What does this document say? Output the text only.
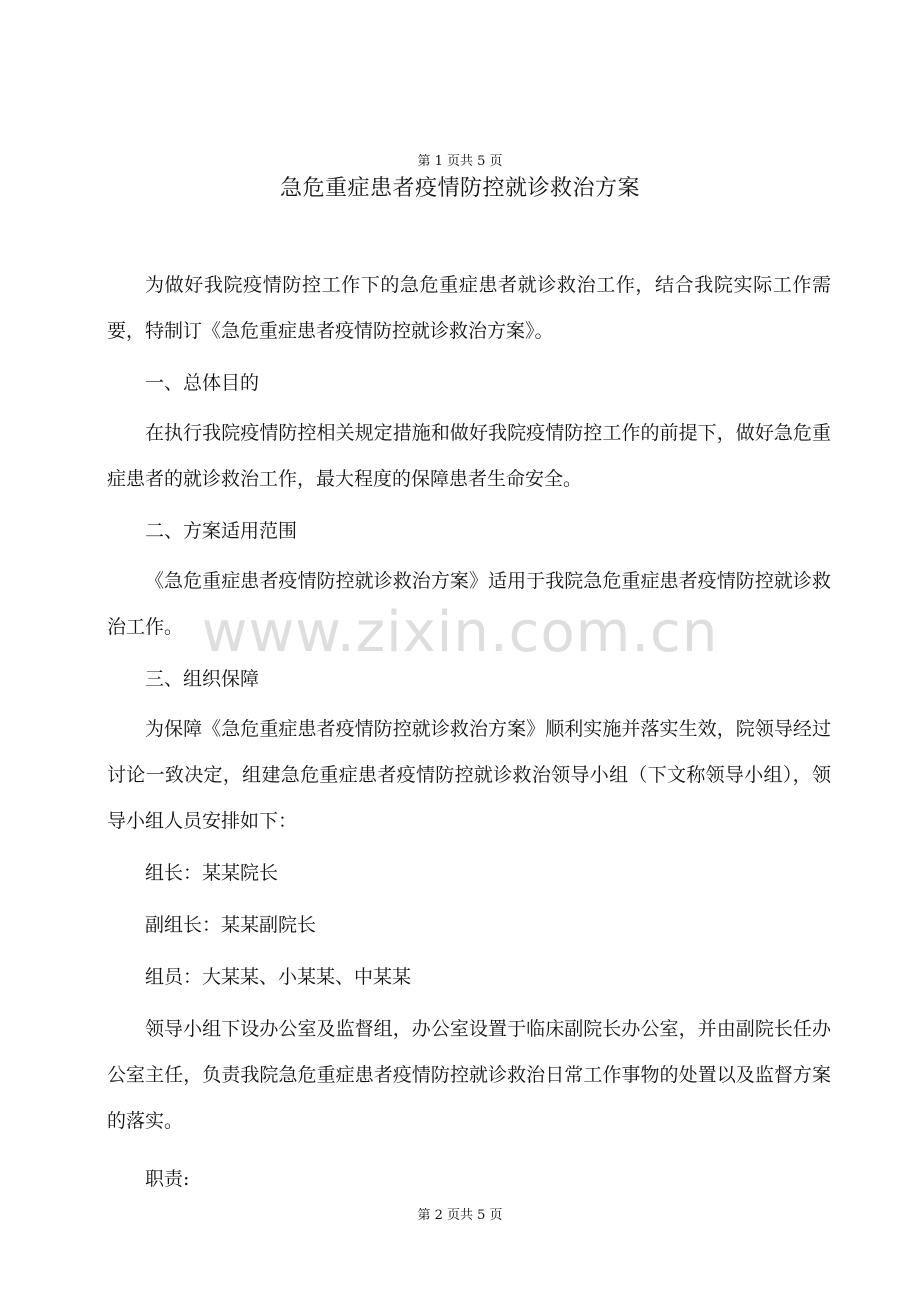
第 1 页共 5 页
急危重症患者疫情防控就诊救治方案

为做好我院疫情防控工作下的急危重症患者就诊救治工作，结合我院实际工作需要，特制订《急危重症患者疫情防控就诊救治方案》。

一、总体目的

在执行我院疫情防控相关规定措施和做好我院疫情防控工作的前提下，做好急危重症患者的就诊救治工作，最大程度的保障患者生命安全。

二、方案适用范围

《急危重症患者疫情防控就诊救治方案》适用于我院急危重症患者疫情防控就诊救治工作。

三、组织保障

为保障《急危重症患者疫情防控就诊救治方案》顺利实施并落实生效，院领导经过讨论一致决定，组建急危重症患者疫情防控就诊救治领导小组（下文称领导小组），领导小组人员安排如下：

组长：某某院长

副组长：某某副院长

组员：大某某、小某某、中某某

领导小组下设办公室及监督组，办公室设置于临床副院长办公室，并由副院长任办公室主任，负责我院急危重症患者疫情防控就诊救治日常工作事物的处置以及监督方案的落实。

职责:

www.zixin.com.cn
第 2 页共 5 页
